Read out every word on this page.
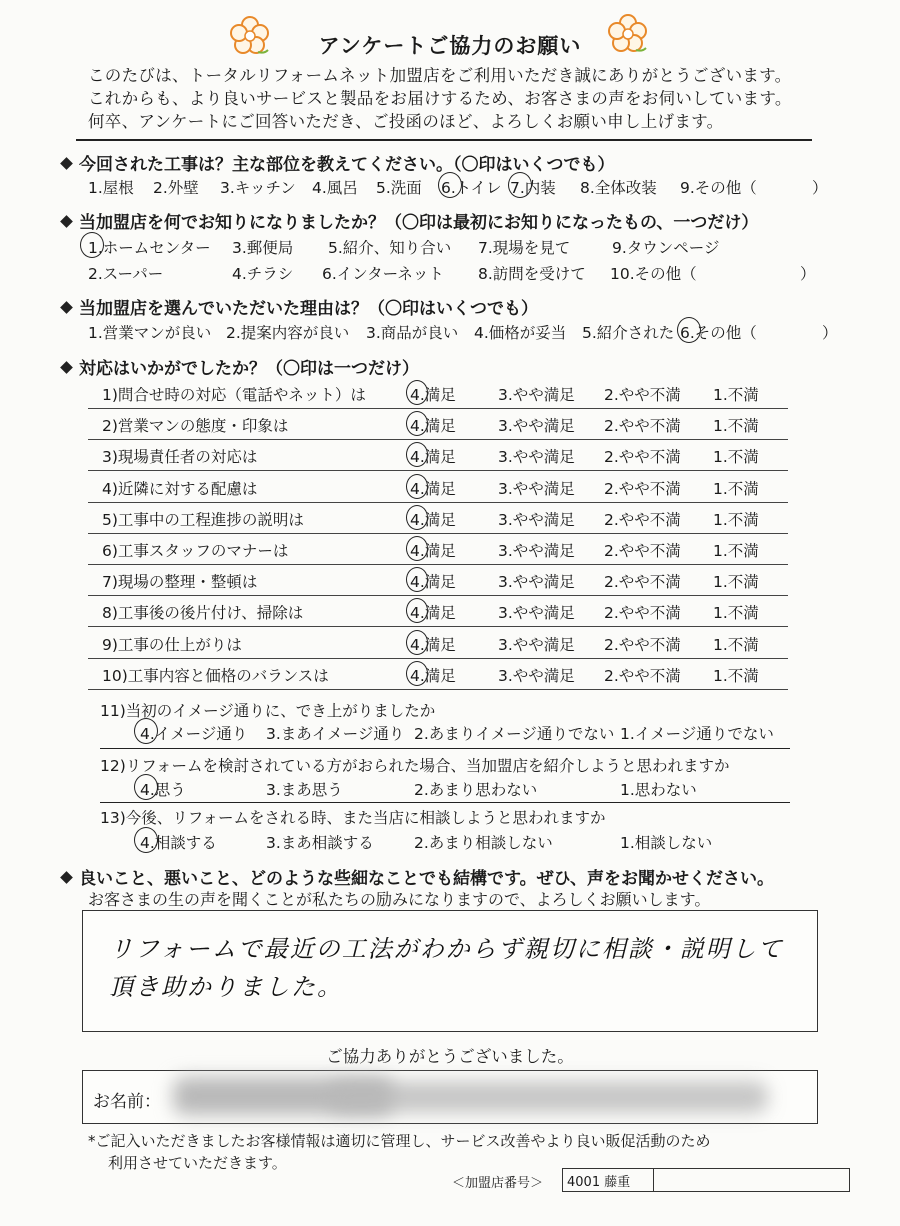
アンケートご協力のお願い
このたびは、トータルリフォームネット加盟店をご利用いただき誠にありがとうございます。
これからも、より良いサービスと製品をお届けするため、お客さまの声をお伺いしています。
何卒、アンケートにご回答いただき、ご投函のほど、よろしくお願い申し上げます。
今回された工事は？主な部位を教えてください。（〇印はいくつでも）
1.屋根 2.外壁 3.キッチン 4.風呂 5.洗面 6.トイレ 7.内装 8.全体改装 9.その他（	）
当加盟店を何でお知りになりましたか？（〇印は最初にお知りになったもの、一つだけ）
1.ホームセンター 3.郵便局 5.紹介、知り合い 7.現場を見て	9.タウンページ
2.スーパー	4.チラシ 6.インターネット 8.訪問を受けて 10.その他（	）
当加盟店を選んでいただいた理由は？（〇印はいくつでも）
1.営業マンが良い 2.提案内容が良い 3.商品が良い 4.価格が妥当 5.紹介された 6.その他（	）
対応はいかがでしたか？（〇印は一つだけ）
1)問合せ時の対応（電話やネット）は	4.満足	3.やや満足 2.やや不満 1.不満
2)営業マンの態度・印象は	4.満足	3.やや満足 2.やや不満 1.不満
3)現場責任者の対応は	4.満足	3.やや満足 2.やや不満 1.不満
4)近隣に対する配慮は	4.満足	3.やや満足 2.やや不満 1.不満
5)工事中の工程進捗の説明は	4.満足	3.やや満足 2.やや不満 1.不満
6)工事スタッフのマナーは	4.満足	3.やや満足 2.やや不満 1.不満
7)現場の整理・整頓は	4.満足	3.やや満足 2.やや不満 1.不満
8)工事後の後片付け、掃除は	4.満足	3.やや満足 2.やや不満 1.不満
9)工事の仕上がりは	4.満足	3.やや満足 2.やや不満 1.不満
10)工事内容と価格のバランスは	4.満足	3.やや満足 2.やや不満 1.不満
11)当初のイメージ通りに、でき上がりましたか
4.イメージ通り 3.まあイメージ通り 2.あまりイメージ通りでない 1.イメージ通りでない
12)リフォームを検討されている方がおられた場合、当加盟店を紹介しようと思われますか
4.思う	3.まあ思う	2.あまり思わない	1.思わない
13)今後、リフォームをされる時、また当店に相談しようと思われますか
4.相談する	3.まあ相談する	2.あまり相談しない	1.相談しない
良いこと、悪いこと、どのような些細なことでも結構です。ぜひ、声をお聞かせください。
お客さまの生の声を聞くことが私たちの励みになりますので、よろしくお願いします。
リフォームで最近の工法がわからず親切に相談・説明して
頂き助かりました。
ご協力ありがとうございました。
お名前：
*ご記入いただきましたお客様情報は適切に管理し、サービス改善やより良い販促活動のため
利用させていただきます。
＜加盟店番号＞ 4001 藤重
